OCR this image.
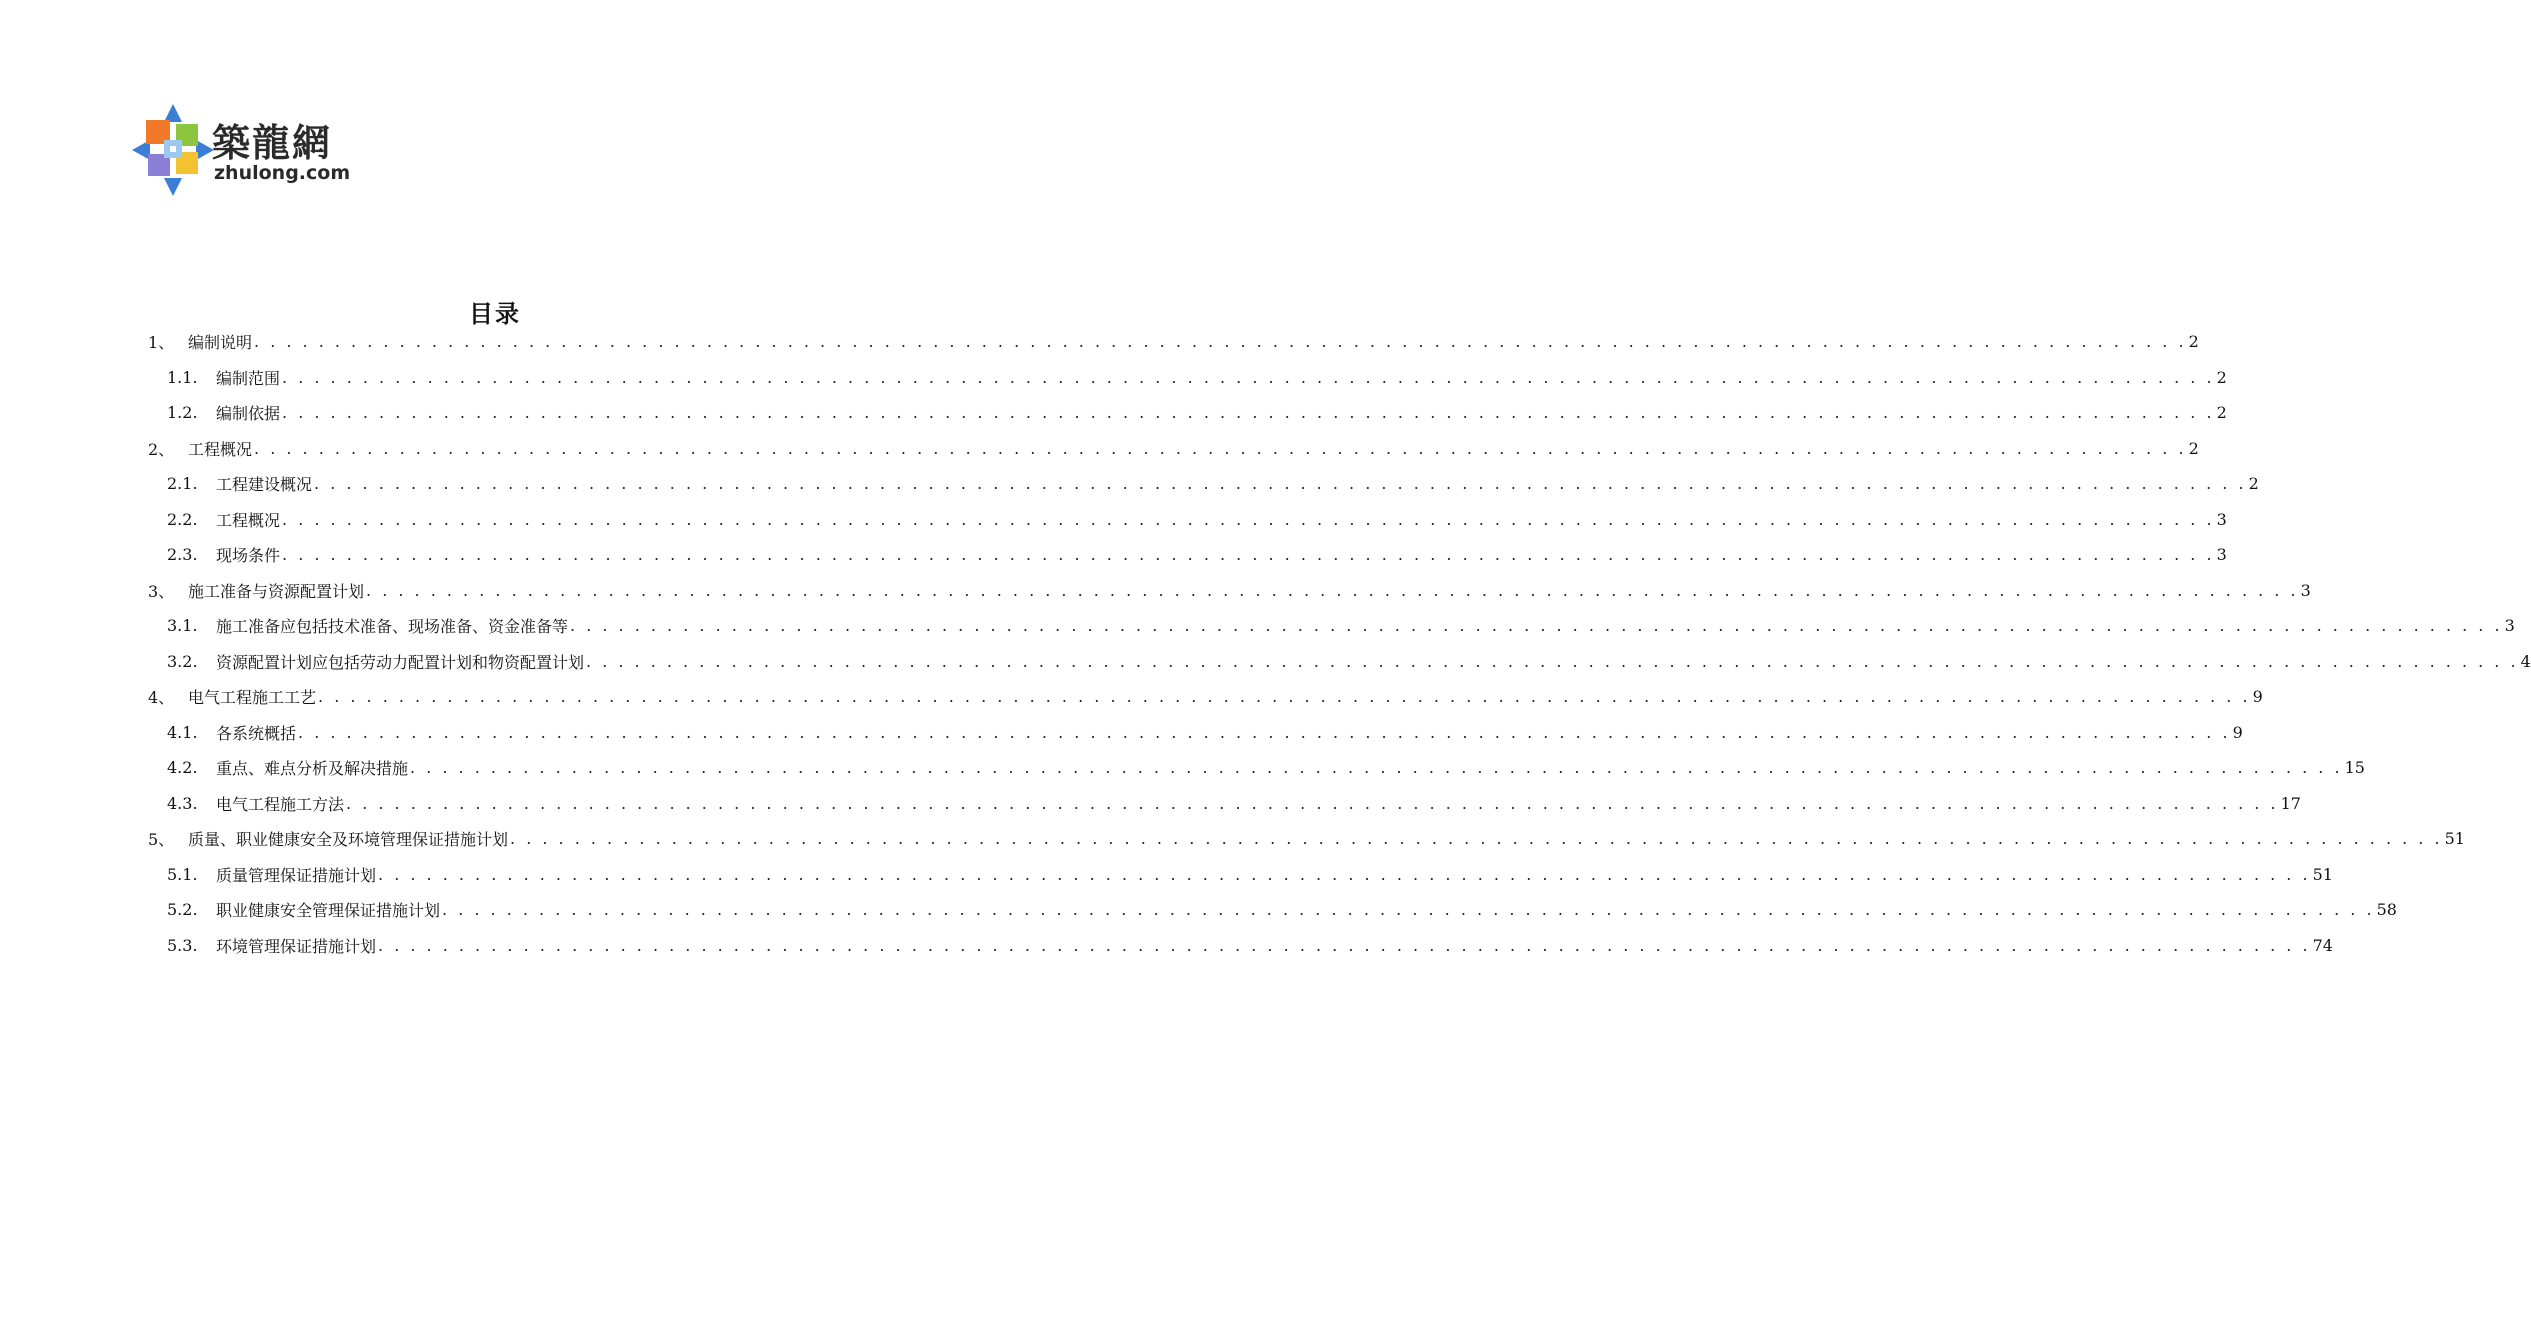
築龍網
zhulong.com
目录
1、 编制说明 . . . . . . . . . . . . . . . . . . . . . . . . . . . . . . . . . . . . . . . . . . . . . . . . . . . . . . . . . . . . . . . . . . . . . . . . . . . . . . . . . . . . . . . . . . . . . . . . . . . . . . . . . . . . . . . . . . . . . . . . 2
1.1.	编制范围 . . . . . . . . . . . . . . . . . . . . . . . . . . . . . . . . . . . . . . . . . . . . . . . . . . . . . . . . . . . . . . . . . . . . . . . . . . . . . . . . . . . . . . . . . . . . . . . . . . . . . . . . . . . . . . . . . . . . . . . . 2
1.2.	编制依据 . . . . . . . . . . . . . . . . . . . . . . . . . . . . . . . . . . . . . . . . . . . . . . . . . . . . . . . . . . . . . . . . . . . . . . . . . . . . . . . . . . . . . . . . . . . . . . . . . . . . . . . . . . . . . . . . . . . . . . . . 2
2、 工程概况 . . . . . . . . . . . . . . . . . . . . . . . . . . . . . . . . . . . . . . . . . . . . . . . . . . . . . . . . . . . . . . . . . . . . . . . . . . . . . . . . . . . . . . . . . . . . . . . . . . . . . . . . . . . . . . . . . . . . . . . . 2
2.1.	工程建设概况 . . . . . . . . . . . . . . . . . . . . . . . . . . . . . . . . . . . . . . . . . . . . . . . . . . . . . . . . . . . . . . . . . . . . . . . . . . . . . . . . . . . . . . . . . . . . . . . . . . . . . . . . . . . . . . . . . . . . . . . . 2
2.2.	工程概况 . . . . . . . . . . . . . . . . . . . . . . . . . . . . . . . . . . . . . . . . . . . . . . . . . . . . . . . . . . . . . . . . . . . . . . . . . . . . . . . . . . . . . . . . . . . . . . . . . . . . . . . . . . . . . . . . . . . . . . . . 3
2.3.	现场条件 . . . . . . . . . . . . . . . . . . . . . . . . . . . . . . . . . . . . . . . . . . . . . . . . . . . . . . . . . . . . . . . . . . . . . . . . . . . . . . . . . . . . . . . . . . . . . . . . . . . . . . . . . . . . . . . . . . . . . . . . 3
3、 施工准备与资源配置计划 . . . . . . . . . . . . . . . . . . . . . . . . . . . . . . . . . . . . . . . . . . . . . . . . . . . . . . . . . . . . . . . . . . . . . . . . . . . . . . . . . . . . . . . . . . . . . . . . . . . . . . . . . . . . . . . . . . . . . . . . 3
3.1.	施工准备应包括技术准备、现场准备、资金准备等 . . . . . . . . . . . . . . . . . . . . . . . . . . . . . . . . . . . . . . . . . . . . . . . . . . . . . . . . . . . . . . . . . . . . . . . . . . . . . . . . . . . . . . . . . . . . . . . . . . . . . . . . . . . . . . . . . . . . . . . . 3
3.2.	资源配置计划应包括劳动力配置计划和物资配置计划 . . . . . . . . . . . . . . . . . . . . . . . . . . . . . . . . . . . . . . . . . . . . . . . . . . . . . . . . . . . . . . . . . . . . . . . . . . . . . . . . . . . . . . . . . . . . . . . . . . . . . . . . . . . . . . . . . . . . . . . . 4
4、 电气工程施工工艺 . . . . . . . . . . . . . . . . . . . . . . . . . . . . . . . . . . . . . . . . . . . . . . . . . . . . . . . . . . . . . . . . . . . . . . . . . . . . . . . . . . . . . . . . . . . . . . . . . . . . . . . . . . . . . . . . . . . . . . . . 9
4.1.	各系统概括 . . . . . . . . . . . . . . . . . . . . . . . . . . . . . . . . . . . . . . . . . . . . . . . . . . . . . . . . . . . . . . . . . . . . . . . . . . . . . . . . . . . . . . . . . . . . . . . . . . . . . . . . . . . . . . . . . . . . . . . . 9
4.2.	重点、难点分析及解决措施 . . . . . . . . . . . . . . . . . . . . . . . . . . . . . . . . . . . . . . . . . . . . . . . . . . . . . . . . . . . . . . . . . . . . . . . . . . . . . . . . . . . . . . . . . . . . . . . . . . . . . . . . . . . . . . . . . . . . . . . . 15
4.3.	电气工程施工方法 . . . . . . . . . . . . . . . . . . . . . . . . . . . . . . . . . . . . . . . . . . . . . . . . . . . . . . . . . . . . . . . . . . . . . . . . . . . . . . . . . . . . . . . . . . . . . . . . . . . . . . . . . . . . . . . . . . . . . . . . 17
5、 质量、职业健康安全及环境管理保证措施计划 . . . . . . . . . . . . . . . . . . . . . . . . . . . . . . . . . . . . . . . . . . . . . . . . . . . . . . . . . . . . . . . . . . . . . . . . . . . . . . . . . . . . . . . . . . . . . . . . . . . . . . . . . . . . . . . . . . . . . . . . 51
5.1.	质量管理保证措施计划 . . . . . . . . . . . . . . . . . . . . . . . . . . . . . . . . . . . . . . . . . . . . . . . . . . . . . . . . . . . . . . . . . . . . . . . . . . . . . . . . . . . . . . . . . . . . . . . . . . . . . . . . . . . . . . . . . . . . . . . . 51
5.2.	职业健康安全管理保证措施计划 . . . . . . . . . . . . . . . . . . . . . . . . . . . . . . . . . . . . . . . . . . . . . . . . . . . . . . . . . . . . . . . . . . . . . . . . . . . . . . . . . . . . . . . . . . . . . . . . . . . . . . . . . . . . . . . . . . . . . . . . 58
5.3.	环境管理保证措施计划 . . . . . . . . . . . . . . . . . . . . . . . . . . . . . . . . . . . . . . . . . . . . . . . . . . . . . . . . . . . . . . . . . . . . . . . . . . . . . . . . . . . . . . . . . . . . . . . . . . . . . . . . . . . . . . . . . . . . . . . . 74
